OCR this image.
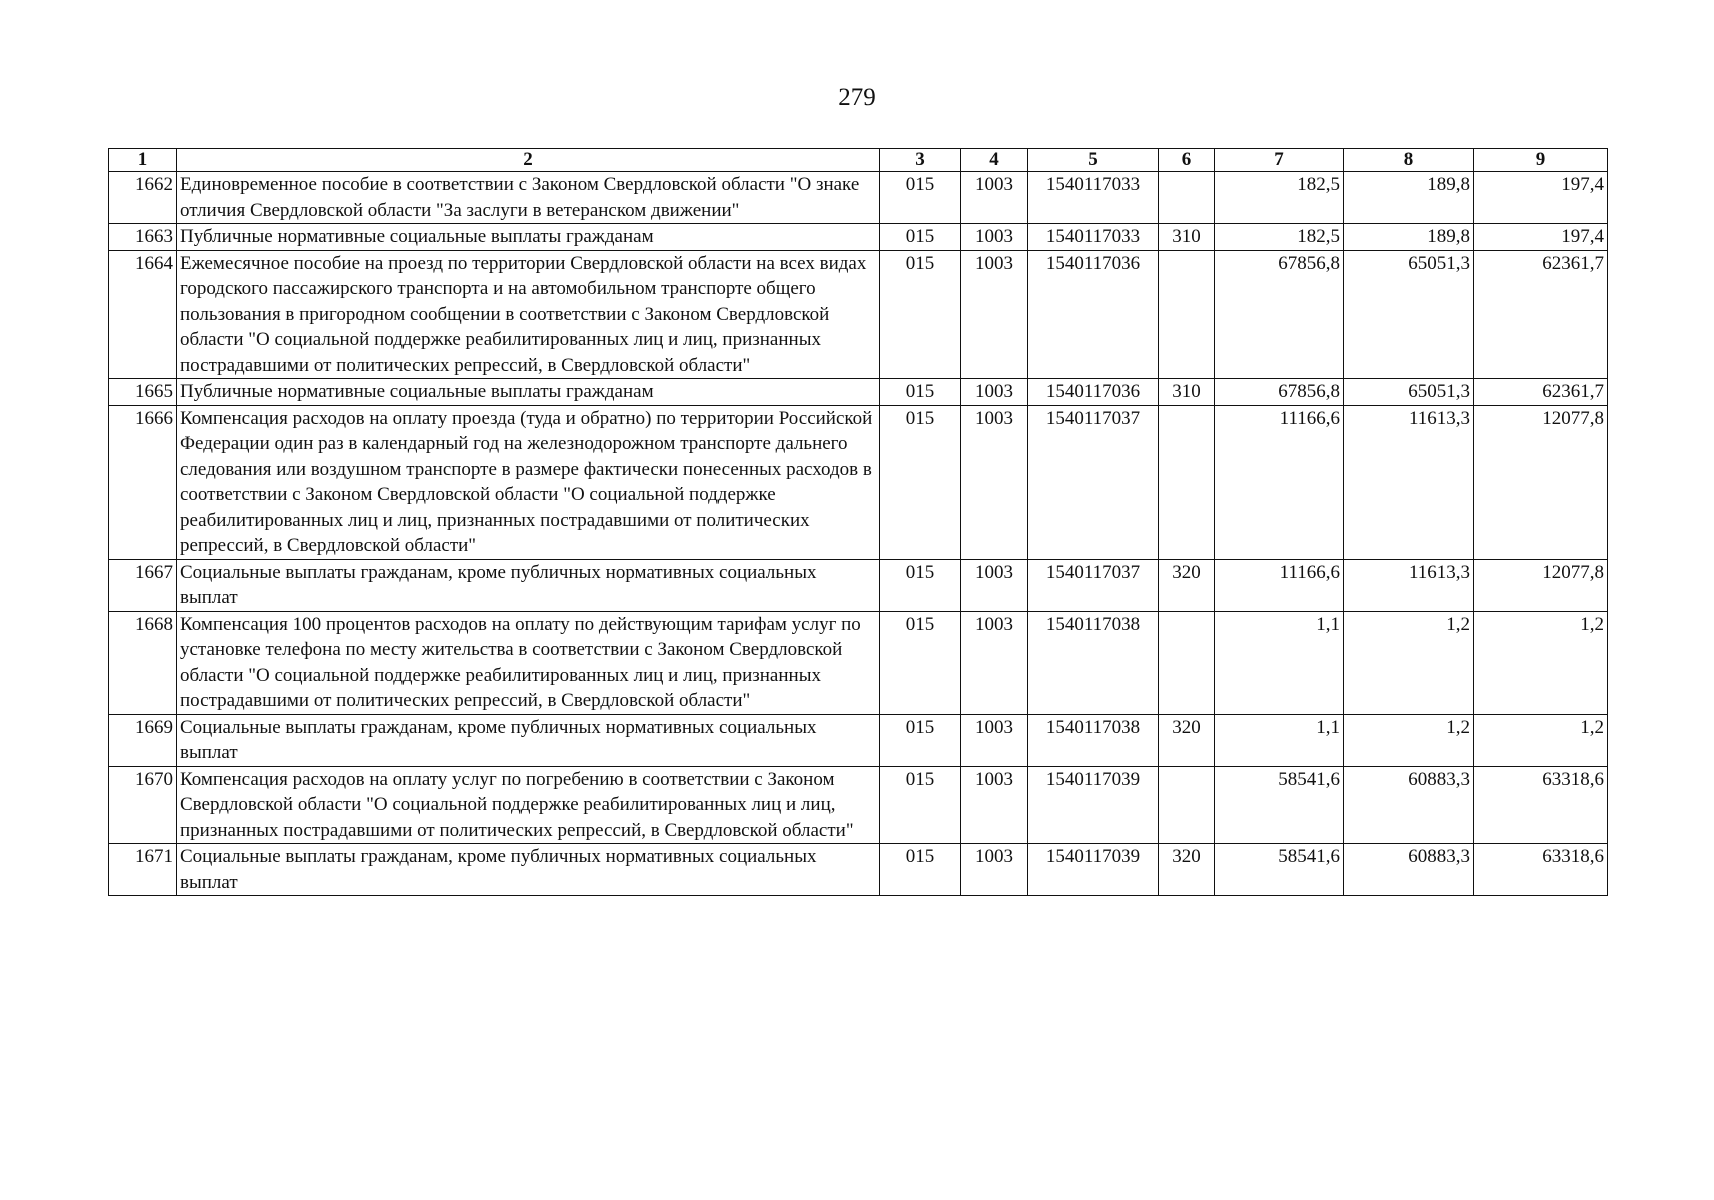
279
1	2	3	4	5	6	7	8	9
1662	Единовременное пособие в соответствии с Законом Свердловской области "О знаке отличия Свердловской области "За заслуги в ветеранском движении"	015	1003	1540117033		182,5	189,8	197,4
1663	Публичные нормативные социальные выплаты гражданам	015	1003	1540117033	310	182,5	189,8	197,4
1664	Ежемесячное пособие на проезд по территории Свердловской области на всех видах городского пассажирского транспорта и на автомобильном транспорте общего пользования в пригородном сообщении в соответствии с Законом Свердловской области "О социальной поддержке реабилитированных лиц и лиц, признанных пострадавшими от политических репрессий, в Свердловской области"	015	1003	1540117036		67856,8	65051,3	62361,7
1665	Публичные нормативные социальные выплаты гражданам	015	1003	1540117036	310	67856,8	65051,3	62361,7
1666	Компенсация расходов на оплату проезда (туда и обратно) по территории Российской Федерации один раз в календарный год на железнодорожном транспорте дальнего следования или воздушном транспорте в размере фактически понесенных расходов в соответствии с Законом Свердловской области "О социальной поддержке реабилитированных лиц и лиц, признанных пострадавшими от политических репрессий, в Свердловской области"	015	1003	1540117037		11166,6	11613,3	12077,8
1667	Социальные выплаты гражданам, кроме публичных нормативных социальных выплат	015	1003	1540117037	320	11166,6	11613,3	12077,8
1668	Компенсация 100 процентов расходов на оплату по действующим тарифам услуг по установке телефона по месту жительства в соответствии с Законом Свердловской области "О социальной поддержке реабилитированных лиц и лиц, признанных пострадавшими от политических репрессий, в Свердловской области"	015	1003	1540117038		1,1	1,2	1,2
1669	Социальные выплаты гражданам, кроме публичных нормативных социальных выплат	015	1003	1540117038	320	1,1	1,2	1,2
1670	Компенсация расходов на оплату услуг по погребению в соответствии с Законом Свердловской области "О социальной поддержке реабилитированных лиц и лиц, признанных пострадавшими от политических репрессий, в Свердловской области"	015	1003	1540117039		58541,6	60883,3	63318,6
1671	Социальные выплаты гражданам, кроме публичных нормативных социальных выплат	015	1003	1540117039	320	58541,6	60883,3	63318,6
